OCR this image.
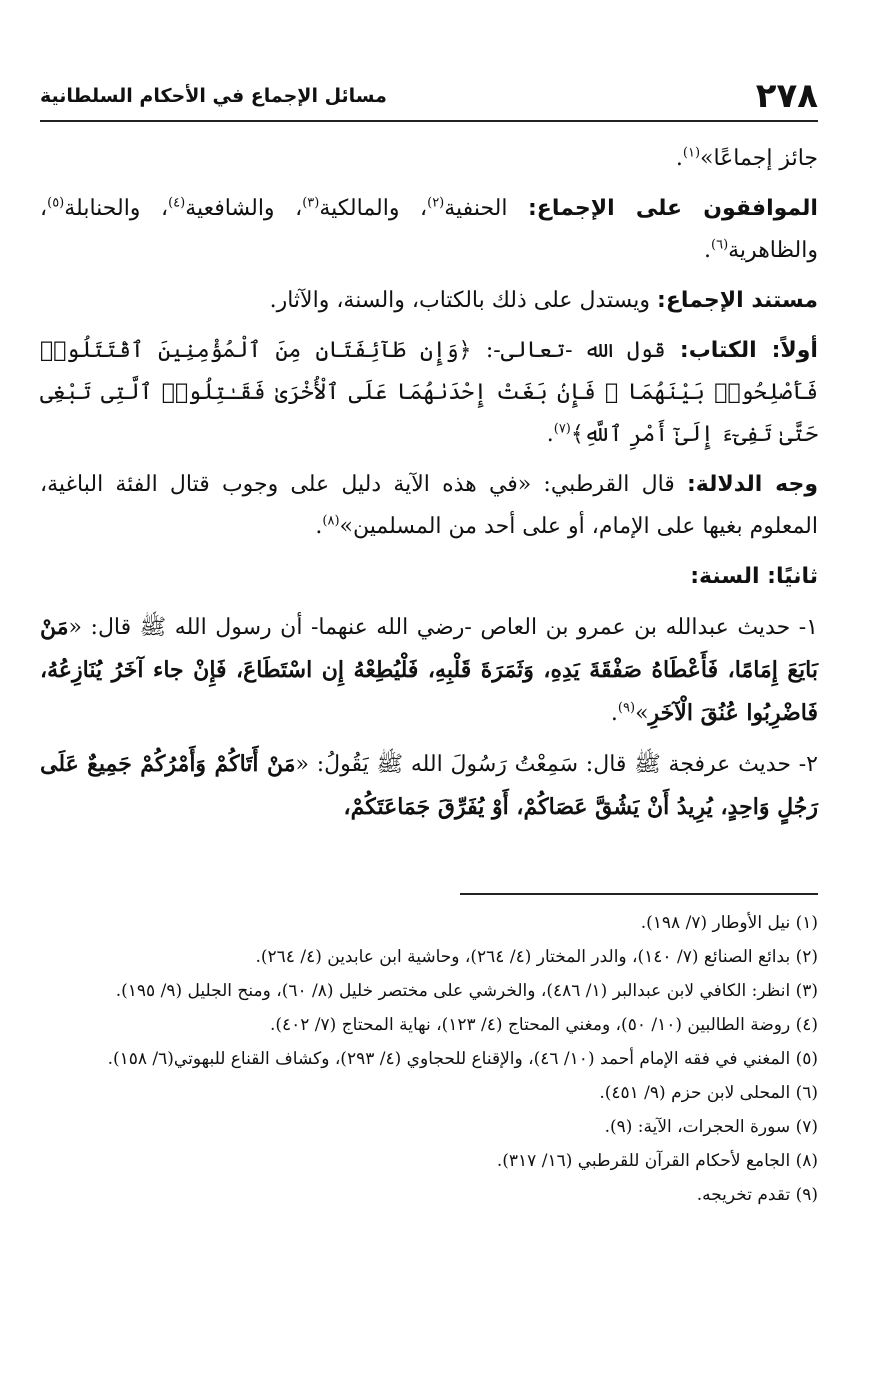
٢٧٨
مسائل الإجماع في الأحكام السلطانية

جائز إجماعًا»$^{(١)}$.

الموافقون على الإجماع: الحنفية$^{(٢)}$، والمالكية$^{(٣)}$، والشافعية$^{(٤)}$، والحنابلة$^{(٥)}$، والظاهرية$^{(٦)}$.

مستند الإجماع: ويستدل على ذلك بالكتاب، والسنة، والآثار.

أولاً: الكتاب: قول الله -تعالى-: ﴿وَإِن طَآئِفَتَانِ مِنَ ٱلْمُؤْمِنِينَ ٱقْتَتَلُوا۟ فَأَصْلِحُوا۟ بَيْنَهُمَا ۖ فَإِنۢ بَغَتْ إِحْدَىٰهُمَا عَلَى ٱلْأُخْرَىٰ فَقَـٰتِلُوا۟ ٱلَّتِى تَبْغِى حَتَّىٰ تَفِىٓءَ إِلَىٰٓ أَمْرِ ٱللَّهِ﴾$^{(٧)}$.

وجه الدلالة: قال القرطبي: «في هذه الآية دليل على وجوب قتال الفئة الباغية، المعلوم بغيها على الإمام، أو على أحد من المسلمين»$^{(٨)}$.

ثانيًا: السنة:

١- حديث عبدالله بن عمرو بن العاص -رضي الله عنهما- أن رسول الله ﷺ قال: «مَنْ بَايَعَ إِمَامًا، فَأَعْطَاهُ صَفْقَةَ يَدِهِ، وَثَمَرَةَ قَلْبِهِ، فَلْيُطِعْهُ إِن اسْتَطَاعَ، فَإِنْ جاء آخَرُ يُنَازِعُهُ، فَاضْرِبُوا عُنُقَ الْآخَرِ»$^{(٩)}$.

٢- حديث عرفجة ﷺ قال: سَمِعْتُ رَسُولَ الله ﷺ يَقُولُ: «مَنْ أَتَاكُمْ وَأَمْرُكُمْ جَمِيعٌ عَلَى رَجُلٍ وَاحِدٍ، يُرِيدُ أَنْ يَشُقَّ عَصَاكُمْ، أَوْ يُفَرِّقَ جَمَاعَتَكُمْ،

(١) نيل الأوطار (٧/ ١٩٨).

(٢) بدائع الصنائع (٧/ ١٤٠)، والدر المختار (٤/ ٢٦٤)، وحاشية ابن عابدين (٤/ ٢٦٤).

(٣) انظر: الكافي لابن عبدالبر (١/ ٤٨٦)، والخرشي على مختصر خليل (٨/ ٦٠)، ومنح الجليل (٩/ ١٩٥).

(٤) روضة الطالبين (١٠/ ٥٠)، ومغني المحتاج (٤/ ١٢٣)، نهاية المحتاج (٧/ ٤٠٢).

(٥) المغني في فقه الإمام أحمد (١٠/ ٤٦)، والإقناع للحجاوي (٤/ ٢٩٣)، وكشاف القناع للبهوتي(٦/ ١٥٨).

(٦) المحلى لابن حزم (٩/ ٤٥١).

(٧) سورة الحجرات، الآية: (٩).

(٨) الجامع لأحكام القرآن للقرطبي (١٦/ ٣١٧).

(٩) تقدم تخريجه.
